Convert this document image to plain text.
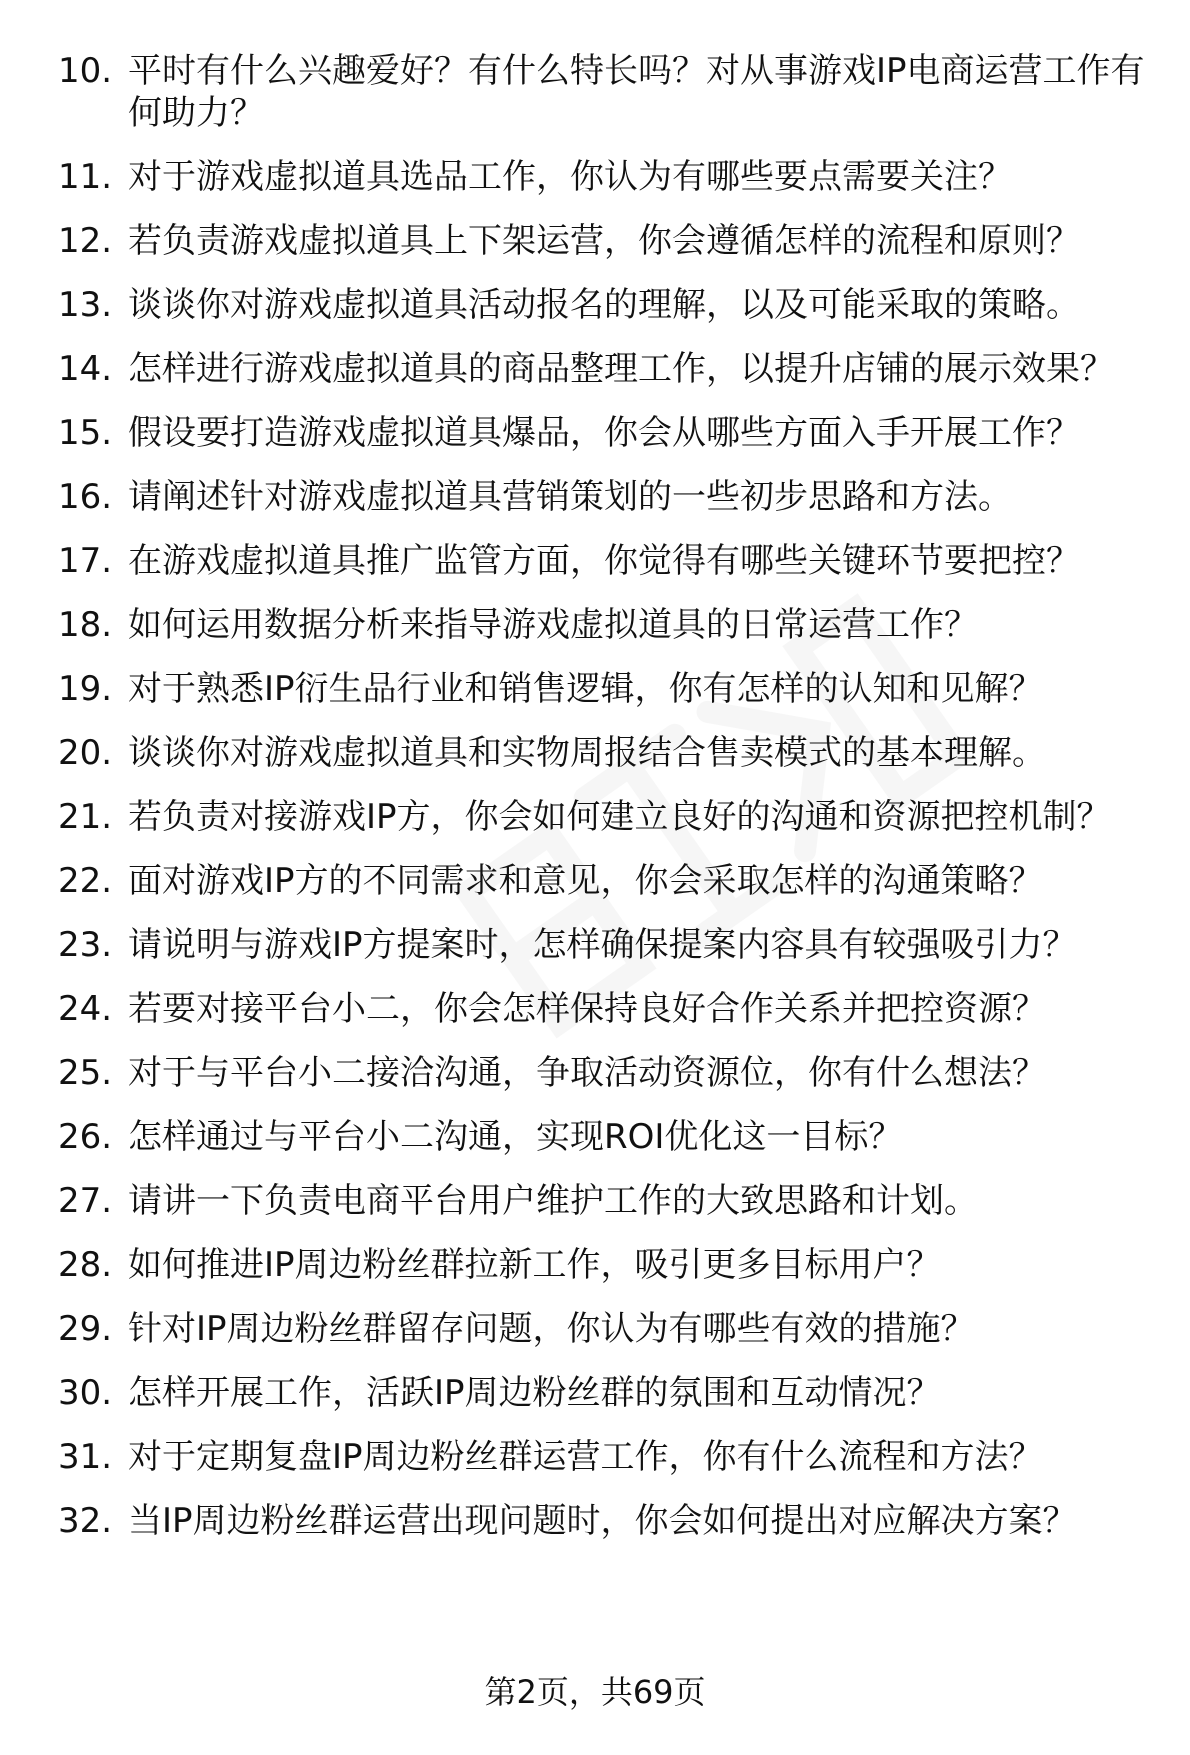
10. 平时有什么兴趣爱好？有什么特长吗？对从事游戏IP电商运营工作有何助力？
11. 对于游戏虚拟道具选品工作，你认为有哪些要点需要关注？
12. 若负责游戏虚拟道具上下架运营，你会遵循怎样的流程和原则？
13. 谈谈你对游戏虚拟道具活动报名的理解，以及可能采取的策略。
14. 怎样进行游戏虚拟道具的商品整理工作，以提升店铺的展示效果？
15. 假设要打造游戏虚拟道具爆品，你会从哪些方面入手开展工作？
16. 请阐述针对游戏虚拟道具营销策划的一些初步思路和方法。
17. 在游戏虚拟道具推广监管方面，你觉得有哪些关键环节要把控？
18. 如何运用数据分析来指导游戏虚拟道具的日常运营工作？
19. 对于熟悉IP衍生品行业和销售逻辑，你有怎样的认知和见解？
20. 谈谈你对游戏虚拟道具和实物周报结合售卖模式的基本理解。
21. 若负责对接游戏IP方，你会如何建立良好的沟通和资源把控机制？
22. 面对游戏IP方的不同需求和意见，你会采取怎样的沟通策略？
23. 请说明与游戏IP方提案时，怎样确保提案内容具有较强吸引力？
24. 若要对接平台小二，你会怎样保持良好合作关系并把控资源？
25. 对于与平台小二接洽沟通，争取活动资源位，你有什么想法？
26. 怎样通过与平台小二沟通，实现ROI优化这一目标？
27. 请讲一下负责电商平台用户维护工作的大致思路和计划。
28. 如何推进IP周边粉丝群拉新工作，吸引更多目标用户？
29. 针对IP周边粉丝群留存问题，你认为有哪些有效的措施？
30. 怎样开展工作，活跃IP周边粉丝群的氛围和互动情况？
31. 对于定期复盘IP周边粉丝群运营工作，你有什么流程和方法？
32. 当IP周边粉丝群运营出现问题时，你会如何提出对应解决方案？
第2页，共69页
